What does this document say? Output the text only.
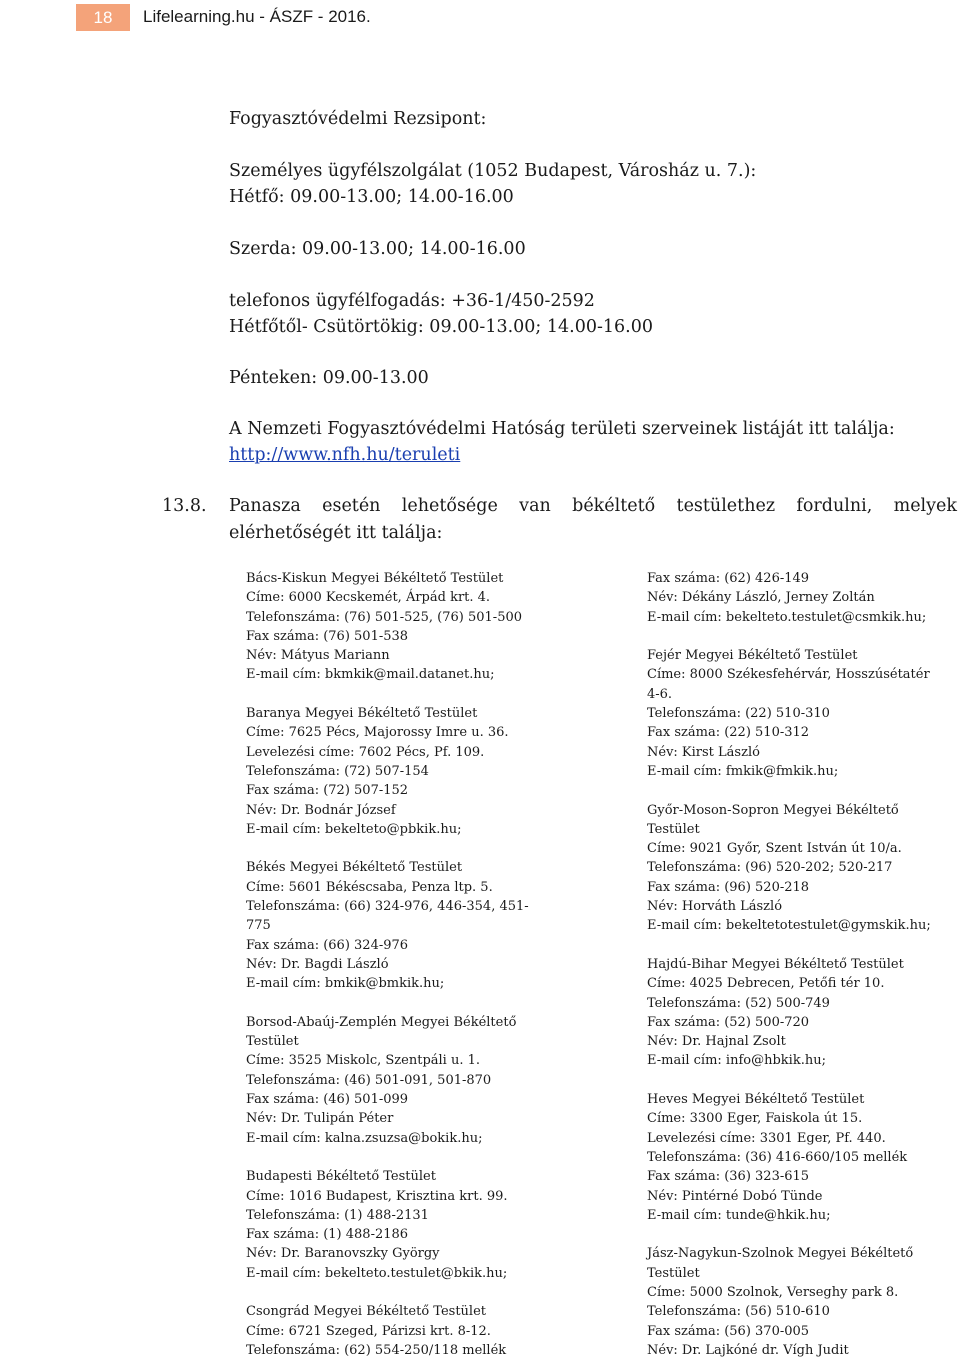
18	Lifelearning.hu - ÁSZF - 2016.
Fogyasztóvédelmi Rezsipont:
Személyes ügyfélszolgálat (1052 Budapest, Városház u. 7.):
Hétfő: 09.00-13.00; 14.00-16.00
Szerda: 09.00-13.00; 14.00-16.00
telefonos ügyfélfogadás: +36-1/450-2592
Hétfőtől- Csütörtökig: 09.00-13.00; 14.00-16.00
Pénteken: 09.00-13.00
A Nemzeti Fogyasztóvédelmi Hatóság területi szerveinek listáját itt találja:
http://www.nfh.hu/teruleti
13.8. Panasza esetén lehetősége van békéltető testülethez fordulni, melyek
elérhetőségét itt találja:
Bács-Kiskun Megyei Békéltető Testület
Címe: 6000 Kecskemét, Árpád krt. 4.
Telefonszáma: (76) 501-525, (76) 501-500
Fax száma: (76) 501-538
Név: Mátyus Mariann
E-mail cím: bkmkik@mail.datanet.hu;
Baranya Megyei Békéltető Testület
Címe: 7625 Pécs, Majorossy Imre u. 36.
Levelezési címe: 7602 Pécs, Pf. 109.
Telefonszáma: (72) 507-154
Fax száma: (72) 507-152
Név: Dr. Bodnár József
E-mail cím: bekelteto@pbkik.hu;
Békés Megyei Békéltető Testület
Címe: 5601 Békéscsaba, Penza ltp. 5.
Telefonszáma: (66) 324-976, 446-354, 451-
775
Fax száma: (66) 324-976
Név: Dr. Bagdi László
E-mail cím: bmkik@bmkik.hu;
Borsod-Abaúj-Zemplén Megyei Békéltető
Testület
Címe: 3525 Miskolc, Szentpáli u. 1.
Telefonszáma: (46) 501-091, 501-870
Fax száma: (46) 501-099
Név: Dr. Tulipán Péter
E-mail cím: kalna.zsuzsa@bokik.hu;
Budapesti Békéltető Testület
Címe: 1016 Budapest, Krisztina krt. 99.
Telefonszáma: (1) 488-2131
Fax száma: (1) 488-2186
Név: Dr. Baranovszky György
E-mail cím: bekelteto.testulet@bkik.hu;
Csongrád Megyei Békéltető Testület
Címe: 6721 Szeged, Párizsi krt. 8-12.
Telefonszáma: (62) 554-250/118 mellék
Fax száma: (62) 426-149
Név: Dékány László, Jerney Zoltán
E-mail cím: bekelteto.testulet@csmkik.hu;
Fejér Megyei Békéltető Testület
Címe: 8000 Székesfehérvár, Hosszúsétatér
4-6.
Telefonszáma: (22) 510-310
Fax száma: (22) 510-312
Név: Kirst László
E-mail cím: fmkik@fmkik.hu;
Győr-Moson-Sopron Megyei Békéltető
Testület
Címe: 9021 Győr, Szent István út 10/a.
Telefonszáma: (96) 520-202; 520-217
Fax száma: (96) 520-218
Név: Horváth László
E-mail cím: bekeltetotestulet@gymskik.hu;
Hajdú-Bihar Megyei Békéltető Testület
Címe: 4025 Debrecen, Petőfi tér 10.
Telefonszáma: (52) 500-749
Fax száma: (52) 500-720
Név: Dr. Hajnal Zsolt
E-mail cím: info@hbkik.hu;
Heves Megyei Békéltető Testület
Címe: 3300 Eger, Faiskola út 15.
Levelezési címe: 3301 Eger, Pf. 440.
Telefonszáma: (36) 416-660/105 mellék
Fax száma: (36) 323-615
Név: Pintérné Dobó Tünde
E-mail cím: tunde@hkik.hu;
Jász-Nagykun-Szolnok Megyei Békéltető
Testület
Címe: 5000 Szolnok, Verseghy park 8.
Telefonszáma: (56) 510-610
Fax száma: (56) 370-005
Név: Dr. Lajkóné dr. Vígh Judit
